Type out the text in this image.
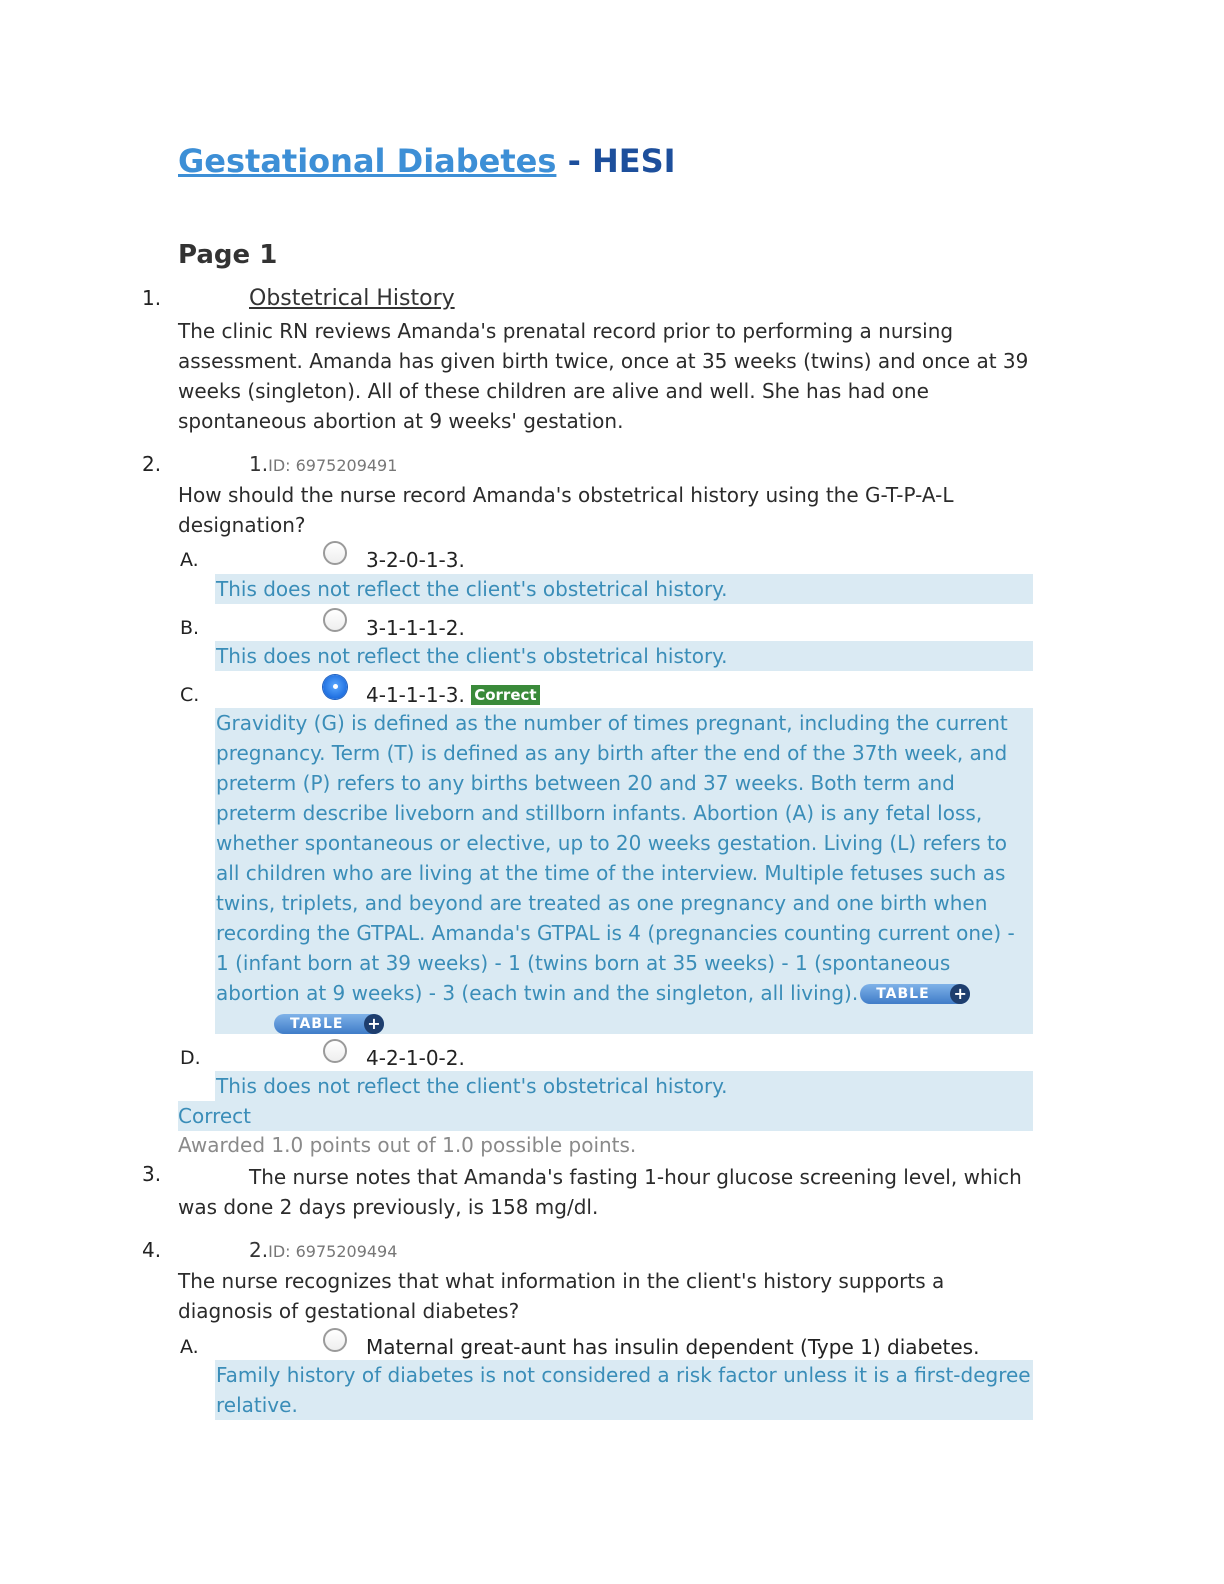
Gestational Diabetes - HESI
Page 1
1.	Obstetrical History
The clinic RN reviews Amanda's prenatal record prior to performing a nursing assessment. Amanda has given birth twice, once at 35 weeks (twins) and once at 39 weeks (singleton). All of these children are alive and well. She has had one spontaneous abortion at 9 weeks' gestation.
2.	1.ID: 6975209491
How should the nurse record Amanda's obstetrical history using the G-T-P-A-L designation?
A.	3-2-0-1-3.
This does not reflect the client's obstetrical history.
B.	3-1-1-1-2.
This does not reflect the client's obstetrical history.
C.	4-1-1-1-3. Correct
Gravidity (G) is defined as the number of times pregnant, including the current pregnancy. Term (T) is defined as any birth after the end of the 37th week, and preterm (P) refers to any births between 20 and 37 weeks. Both term and preterm describe liveborn and stillborn infants. Abortion (A) is any fetal loss, whether spontaneous or elective, up to 20 weeks gestation. Living (L) refers to all children who are living at the time of the interview. Multiple fetuses such as twins, triplets, and beyond are treated as one pregnancy and one birth when recording the GTPAL. Amanda's GTPAL is 4 (pregnancies counting current one) - 1 (infant born at 39 weeks) - 1 (twins born at 35 weeks) - 1 (spontaneous abortion at 9 weeks) - 3 (each twin and the singleton, all living). TABLE +
TABLE +
D.	4-2-1-0-2.
This does not reflect the client's obstetrical history.
Correct
Awarded 1.0 points out of 1.0 possible points.
3.	The nurse notes that Amanda's fasting 1-hour glucose screening level, which was done 2 days previously, is 158 mg/dl.
4.	2.ID: 6975209494
The nurse recognizes that what information in the client's history supports a diagnosis of gestational diabetes?
A.	Maternal great-aunt has insulin dependent (Type 1) diabetes.
Family history of diabetes is not considered a risk factor unless it is a first-degree relative.
